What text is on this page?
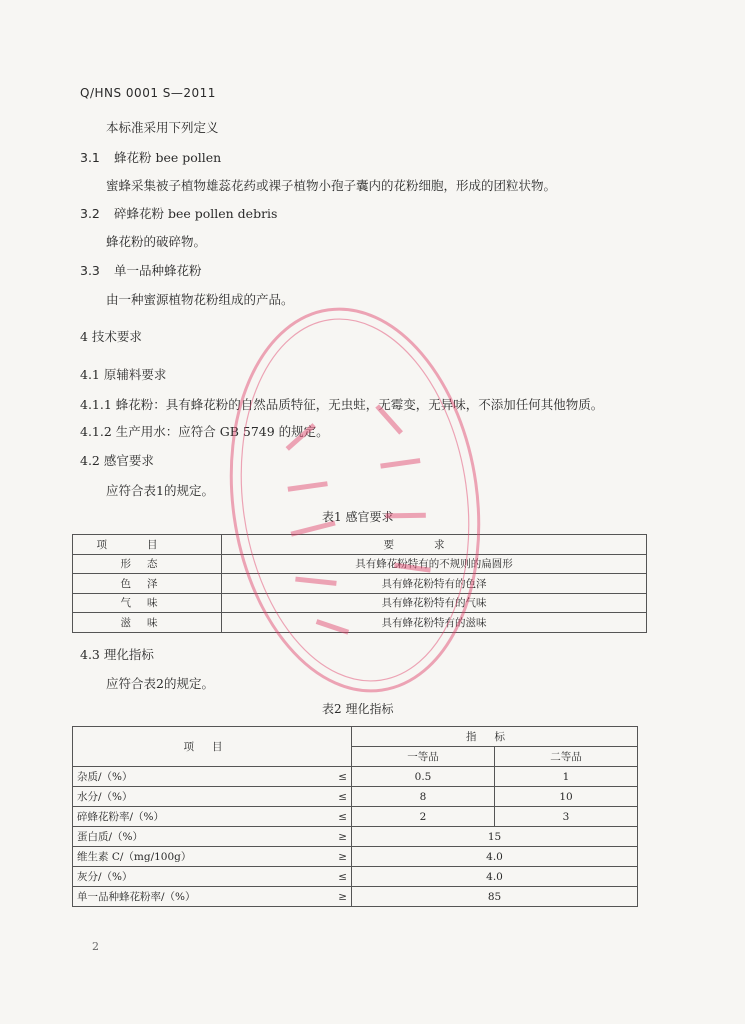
Q/HNS 0001 S—2011
本标准采用下列定义
3.1 蜂花粉 bee pollen
蜜蜂采集被子植物雄蕊花药或裸子植物小孢子囊内的花粉细胞，形成的团粒状物。
3.2 碎蜂花粉 bee pollen debris
蜂花粉的破碎物。
3.3 单一品种蜂花粉
由一种蜜源植物花粉组成的产品。
4 技术要求
4.1 原辅料要求
4.1.1 蜂花粉：具有蜂花粉的自然品质特征，无虫蛀，无霉变，无异味，不添加任何其他物质。
4.1.2 生产用水：应符合 GB 5749 的规定。
4.2 感官要求
应符合表1的规定。
表1 感官要求
项目	要求
形态	具有蜂花粉特有的不规则的扁圆形
色泽	具有蜂花粉特有的色泽
气味	具有蜂花粉特有的气味
滋味	具有蜂花粉特有的滋味
4.3 理化指标
应符合表2的规定。
表2 理化指标
项目		指标	
		一等品	二等品
杂质/（%）	≤	0.5	1
水分/（%）	≤	8	10
碎蜂花粉率/（%）	≤	2	3
蛋白质/（%）	≥	15	
维生素 C/（mg/100g）	≥	4.0	
灰分/（%）	≤	4.0	
单一品种蜂花粉率/（%）	≥	85	
2
